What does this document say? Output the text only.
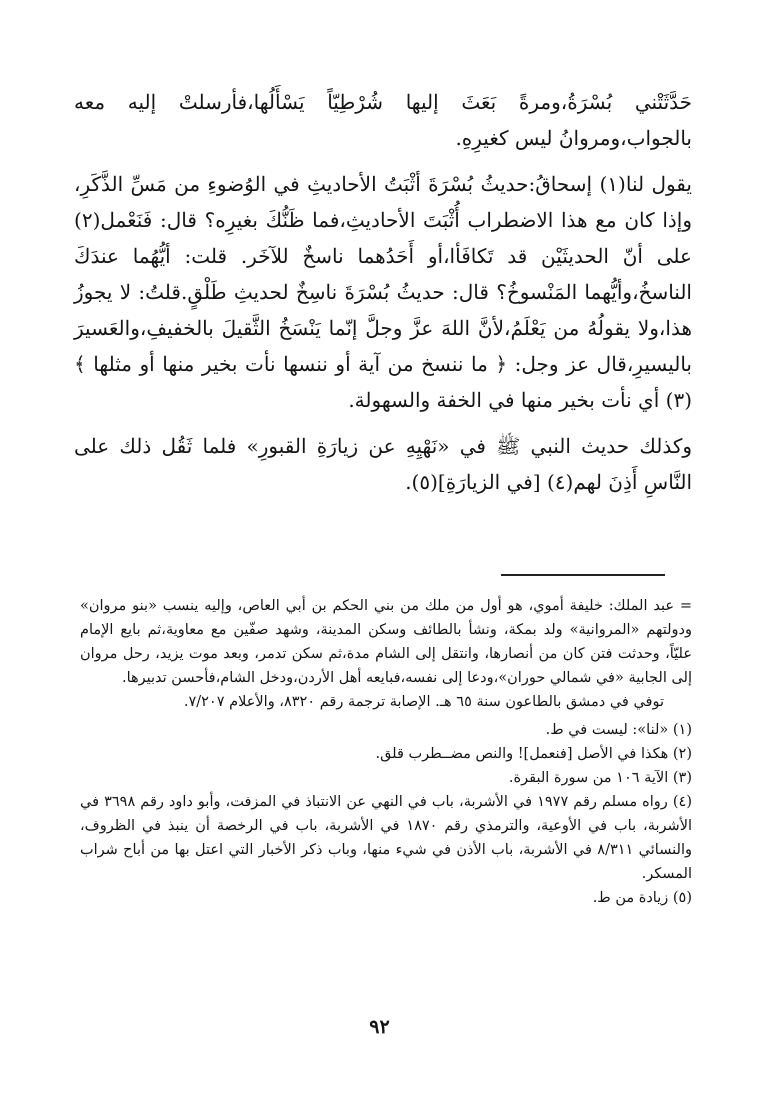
حَدَّثَتْني بُسْرَةُ،ومرةً بَعَثَ إليها شُرْطِيّاً يَسْأَلُها،فأرسلتْ إليه معه بالجواب،ومروانُ ليس كغيرِهِ.

يقول لنا(١) إسحاقُ:حديثُ بُسْرَةَ أثْبَتُ الأحاديثِ في الوُضوءِ من مَسِّ الذَّكَرِ، وإذا كان مع هذا الاضطراب أُثْبَتَ الأحاديثِ،فما ظَنُّكَ بغيرِه؟ قال: فَنَعْمل(٢) على أنّ الحديثَيْن قد تَكافَأا،أو أَحَدُهما ناسخٌ للآخَر. قلت: أيُّهُما عندَكَ الناسخُ،وأيُّهما المَنْسوخُ؟ قال: حديثُ بُسْرَةَ ناسِخٌ لحديثِ طَلْقٍ.قلتُ: لا يجوزُ هذا،ولا يقولُهُ من يَعْلَمُ،لأنَّ اللهَ عزَّ وجلَّ إنّما يَنْسَخُ الثَّقيلَ بالخفيفِ،والعَسيرَ باليسيرِ،قال عز وجل: ﴿ ما ننسخ من آية أو ننسها نأت بخير منها أو مثلها ﴾(٣) أي نأت بخير منها في الخفة والسهولة.

وكذلك حديث النبي ﷺ في «نَهْيِهِ عن زيارَةِ القبورِ» فلما ثَقُل ذلك على النَّاسِ أَذِنَ لهم(٤) [في الزيارَةِ](٥).

= عبد الملك: خليفة أموي، هو أول من ملك من بني الحكم بن أبي العاص، وإليه ينسب «بنو مروان» ودولتهم «المروانية» ولد بمكة، ونشأ بالطائف وسكن المدينة، وشهد صفّين مع معاوية،ثم بايع الإمام عليّاً، وحدثت فتن كان من أنصارها، وانتقل إلى الشام مدة،ثم سكن تدمر، وبعد موت يزيد، رحل مروان إلى الجابية «في شمالي حوران»،ودعا إلى نفسه،فبايعه أهل الأردن،ودخل الشام،فأحسن تدبيرها.
توفي في دمشق بالطاعون سنة ٦٥ هـ. الإصابة ترجمة رقم ٨٣٢٠، والأعلام ٧/٢٠٧.
(١) «لنا»: ليست في ط.
(٢) هكذا في الأصل [فنعمل]! والنص مضــطرب قلق.
(٣) الآية ١٠٦ من سورة البقرة.
(٤) رواه مسلم رقم ١٩٧٧ في الأشربة، باب في النهي عن الانتباذ في المزفت، وأبو داود رقم ٣٦٩٨ في الأشربة، باب في الأوعية، والترمذي رقم ١٨٧٠ في الأشربة، باب في الرخصة أن ينبذ في الظروف، والنسائي ٨/٣١١ في الأشربة، باب الأذن في شيء منها، وباب ذكر الأخبار التي اعتل بها من أباح شراب المسكر.
(٥) زيادة من ط.
٩٢
